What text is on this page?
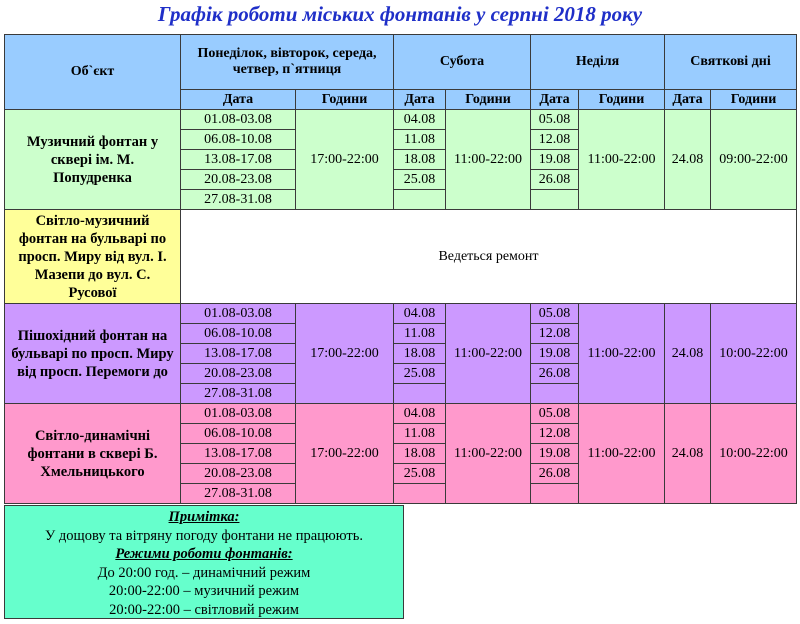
Графік роботи міських фонтанів у серпні 2018 року
Об`єкт	Понеділок, вівторок, середа, четвер, п`ятниця		Субота		Неділя		Святкові дні	
	Дата	Години	Дата	Години	Дата	Години	Дата	Години
Музичний фонтан у сквері ім. М. Попудренка	01.08-03.08	17:00-22:00	04.08	11:00-22:00	05.08	11:00-22:00	24.08	09:00-22:00
	06.08-10.08		11.08		12.08			
	13.08-17.08		18.08		19.08			
	20.08-23.08		25.08		26.08			
	27.08-31.08							
Світло-музичний фонтан на бульварі по просп. Миру від вул. І. Мазепи до вул. С. Русової	Ведеться ремонт							
Пішохідний фонтан на бульварі по просп. Миру від просп. Перемоги до	01.08-03.08	17:00-22:00	04.08	11:00-22:00	05.08	11:00-22:00	24.08	10:00-22:00
	06.08-10.08		11.08		12.08			
	13.08-17.08		18.08		19.08			
	20.08-23.08		25.08		26.08			
	27.08-31.08							
Світло-динамічні фонтани в сквері Б. Хмельницького	01.08-03.08	17:00-22:00	04.08	11:00-22:00	05.08	11:00-22:00	24.08	10:00-22:00
	06.08-10.08		11.08		12.08			
	13.08-17.08		18.08		19.08			
	20.08-23.08		25.08		26.08			
	27.08-31.08							
Примітка:
У дощову та вітряну погоду фонтани не працюють.
Режими роботи фонтанів:
До 20:00 год. – динамічний режим
20:00-22:00 – музичний режим
20:00-22:00 – світловий режим
